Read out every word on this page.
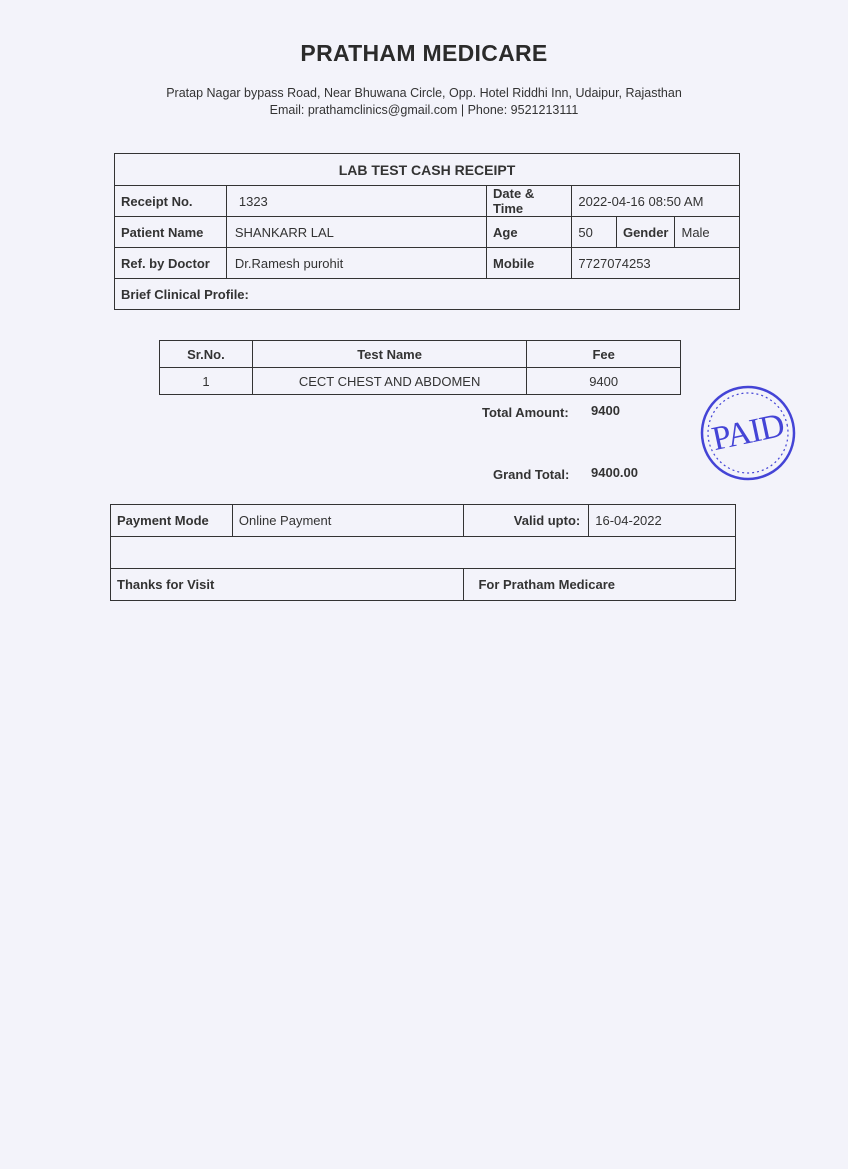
PRATHAM MEDICARE
Pratap Nagar bypass Road, Near Bhuwana Circle, Opp. Hotel Riddhi Inn, Udaipur, Rajasthan
Email: prathamclinics@gmail.com | Phone: 9521213111
LAB TEST CASH RECEIPT					
Receipt No.	1323	Date & Time	2022-04-16 08:50 AM		
Patient Name	SHANKARR LAL	Age	50	Gender	Male
Ref. by Doctor	Dr.Ramesh purohit	Mobile	7727074253		
Brief Clinical Profile:					
Sr.No.	Test Name	Fee
1	CECT CHEST AND ABDOMEN	9400
Total Amount: 9400
Grand Total: 9400.00
PAID
Payment Mode	Online Payment	Valid upto:	16-04-2022

Thanks for Visit		For Pratham Medicare	
